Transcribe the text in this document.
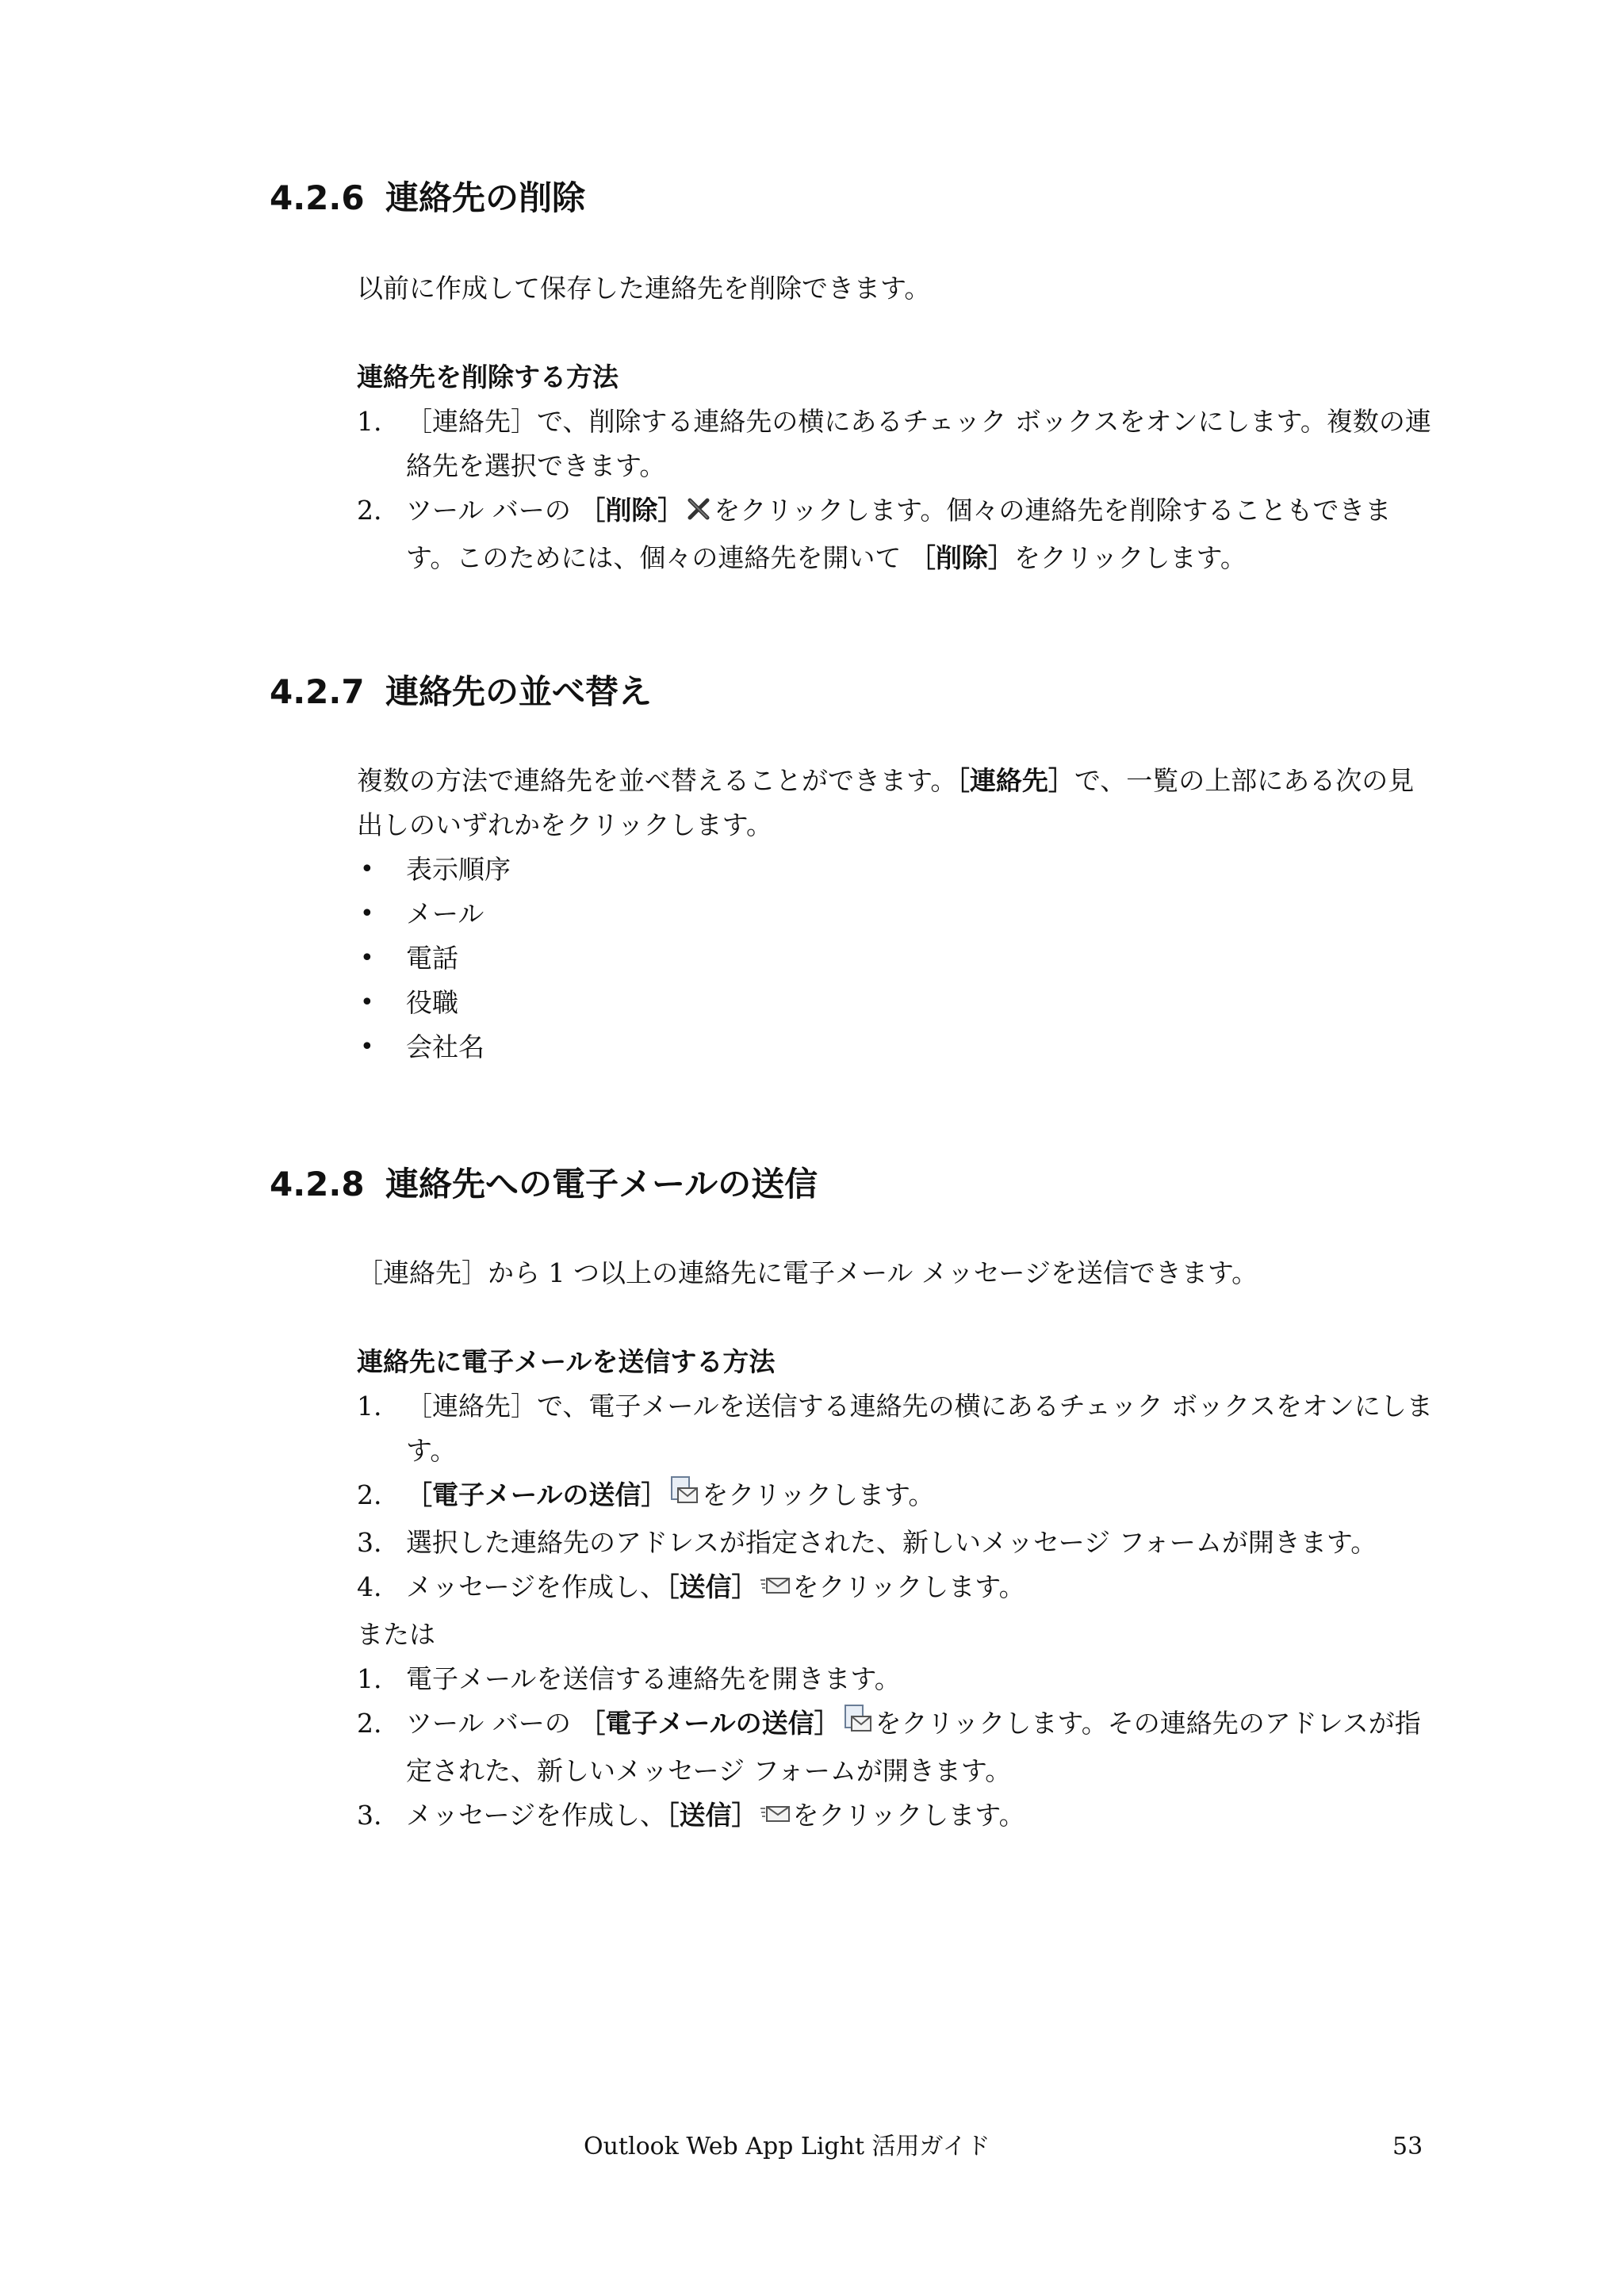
4.2.6 連絡先の削除
以前に作成して保存した連絡先を削除できます。
連絡先を削除する方法
1. ［連絡先］で、削除する連絡先の横にあるチェック ボックスをオンにします。複数の連絡先を選択できます。
2. ツール バーの ［削除］ をクリックします。個々の連絡先を削除することもできます。このためには、個々の連絡先を開いて ［削除］をクリックします。
4.2.7 連絡先の並べ替え
複数の方法で連絡先を並べ替えることができます。［連絡先］で、一覧の上部にある次の見出しのいずれかをクリックします。
• 表示順序
• メール
• 電話
• 役職
• 会社名
4.2.8 連絡先への電子メールの送信
［連絡先］から 1 つ以上の連絡先に電子メール メッセージを送信できます。
連絡先に電子メールを送信する方法
1. ［連絡先］で、電子メールを送信する連絡先の横にあるチェック ボックスをオンにします。
2. ［電子メールの送信］ をクリックします。
3. 選択した連絡先のアドレスが指定された、新しいメッセージ フォームが開きます。
4. メッセージを作成し、［送信］ をクリックします。
または
1. 電子メールを送信する連絡先を開きます。
2. ツール バーの ［電子メールの送信］ をクリックします。その連絡先のアドレスが指定された、新しいメッセージ フォームが開きます。
3. メッセージを作成し、［送信］ をクリックします。
Outlook Web App Light 活用ガイド	53
